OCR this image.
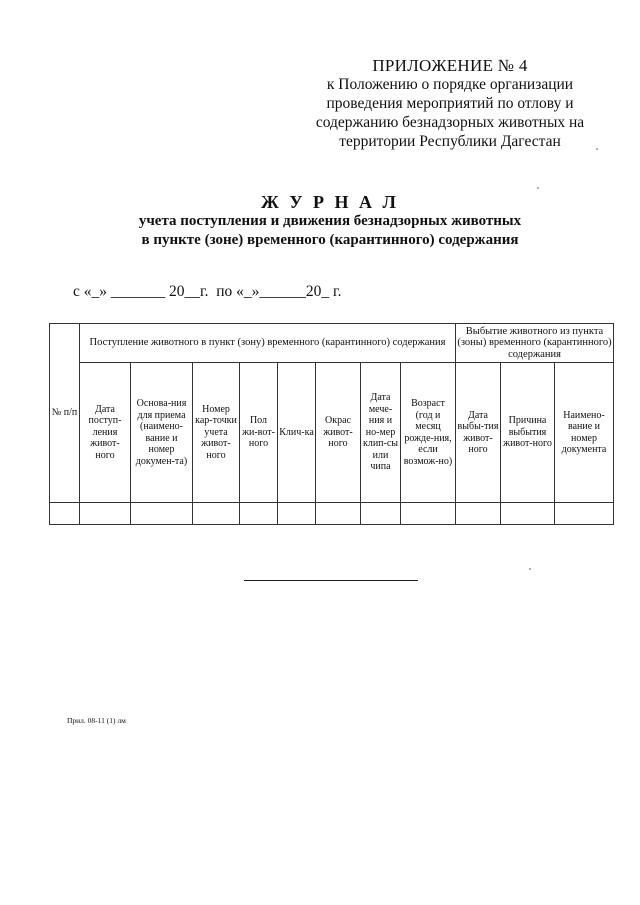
ПРИЛОЖЕНИЕ № 4
к Положению о порядке организации
проведения мероприятий по отлову и
содержанию безнадзорных животных на
территории Республики Дагестан
Ж У Р Н А Л
учета поступления и движения безнадзорных животных
в пункте (зоне) временного (карантинного) содержания
с «_» _______ 20__г.  по «_»______20_ г.
№ п/п	Поступление животного в пункт (зону) временного (карантинного) содержания								Выбытие животного из пункта (зоны) временного (карантинного) содержания		
	Дата поступ-ления живот-ного	Основа-ния для приема (наимено-вание и номер докумен-та)	Номер кар-точки учета живот-ного	Пол жи-вот-ного	Клич-ка	Окрас живот-ного	Дата мече-ния и но-мер клип-сы или чипа	Возраст (год и месяц рожде-ния, если возмож-но)	Дата выбы-тия живот-ного	Причина выбытия живот-ного	Наимено-вание и номер документа

Прил. 08-11 (1) лм
